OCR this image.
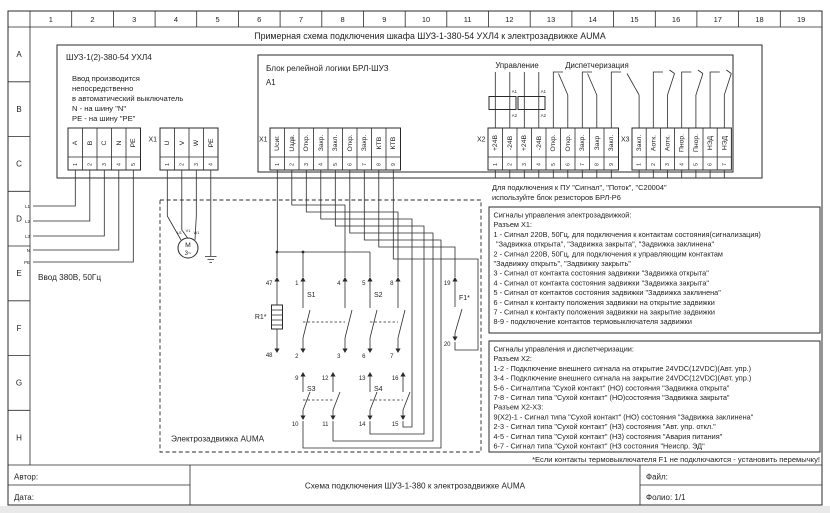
1	2	3	4	5	6	7	8	9	10	11	12	13	14	15	16	17	18	19
A
B
C
D
E
F
G
H
Примерная схема подключения шкафа ШУЗ-1-380-54 УХЛ4 к электрозадвижке AUMA
ШУЗ-1(2)-380-54 УХЛ4
Ввод производится
непосредственно
в автоматический выключатель
N - на шину "N"
РЕ - на шину "РЕ"
Блок релейной логики БРЛ-ШУЗ
A1
Управление	Диспетчеризация
X1	X1	X2	X3
A B C N PE
1 2 3 4 5
U V W PE
1 2 3 4
Uсиг. Uздв. Откр. Закр. Закл. Откр. Закр. КТВ КТВ
1 2 3 4 5 6 7 8 9
+24В -24В +24В -24В Откр. Откр. Закр. Закр Закл.
1 2 3 4 5 6 7 8 9
Закл. Аотк. Аотк. Пнор. Пнор. НЭД НЭД
1 2 3 4 5 6 7
А1
А2
А1
А2
L1
L2
L3
N
PE
Ввод 380В, 50Гц
M
3~
U1 V1 W1
47
48
1	4
2	3
5	8
6	7
9	12
10	11
13	16
14	15
19
20
R1*
S1	S2
S3	S4
F1*
Электрозадвижка AUMA
Для подключения к ПУ "Сигнал", "Поток", "C20004"
используйте блок резисторов БРЛ-Р6
Сигналы управления электрозадвижкой:
Разъем X1:
1 - Сигнал 220В, 50Гц, для подключения к контактам состояния(сигнализация)
"Задвижка открыта", "Задвижка закрыта", "Задвижка заклинена"
2 - Сигнал 220В, 50Гц, для подключения к управляющим контактам
"Задвижку открыть", "Задвижку закрыть"
3 - Сигнал от контакта состояния задвижки "Задвижка открыта"
4 - Сигнал от контакта состояния задвижки "Задвижка закрыта"
5 - Сигнал от контактов состояния задвижки "Задвижка заклинена"
6 - Сигнал к контакту положения задвижки на открытие задвижки
7 - Сигнал к контакту положения задвижки на закрытие задвижки
8-9 - подключение контактов термовыключателя задвижки
Сигналы управления и диспетчеризации:
Разъем X2:
1-2 - Подключение внешнего сигнала на открытие 24VDC(12VDC)(Авт. упр.)
3-4 - Подключение внешнего сигнала на закрытие 24VDC(12VDC)(Авт. упр.)
5-6 - Сигналтипа "Сухой контакт" (НО) состояния "Задвижка открыта"
7-8 - Сигнал типа "Сухой контакт" (НО)состояния "Задвижка закрыта"
Разъем X2-X3:
9(X2)-1 - Сигнал типа "Сухой контакт" (НО) состояния "Задвижка заклинена"
2-3 - Сигнал типа "Сухой контакт" (НЗ) состояния "Авт. упр. откл."
4-5 - Сигнал типа "Сухой контакт" (НЗ) состояния "Авария питания"
6-7 - Сигнал типа "Сухой контакт" (НЗ состояния "Неиспр. ЭД"
*Если контакты термовыключателя F1 не подключаются - установить перемычку!
Автор:
Дата:
Схема подключения ШУЗ-1-380 к электрозадвижке AUMA
Файл:
Фолио: 1/1
